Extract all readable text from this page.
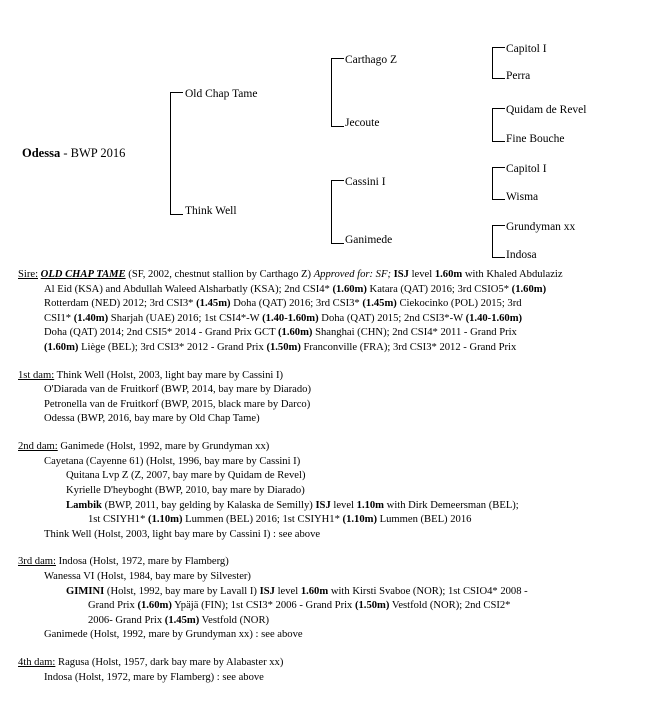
Odessa - BWP 2016
Old Chap Tame
Think Well
Carthago Z
Jecoute
Cassini I
Ganimede
Capitol I
Perra
Quidam de Revel
Fine Bouche
Capitol I
Wisma
Grundyman xx
Indosa

Sire: OLD CHAP TAME (SF, 2002, chestnut stallion by Carthago Z) Approved for: SF; ISJ level 1.60m with Khaled Abdulaziz

Al Eid (KSA) and Abdullah Waleed Alsharbatly (KSA); 2nd CSI4* (1.60m) Katara (QAT) 2016; 3rd CSIO5* (1.60m)

Rotterdam (NED) 2012; 3rd CSI3* (1.45m) Doha (QAT) 2016; 3rd CSI3* (1.45m) Ciekocinko (POL) 2015; 3rd

CSI1* (1.40m) Sharjah (UAE) 2016; 1st CSI4*-W (1.40-1.60m) Doha (QAT) 2015; 2nd CSI3*-W (1.40-1.60m)

Doha (QAT) 2014; 2nd CSI5* 2014 - Grand Prix GCT (1.60m) Shanghai (CHN); 2nd CSI4* 2011 - Grand Prix

(1.60m) Liège (BEL); 3rd CSI3* 2012 - Grand Prix (1.50m) Franconville (FRA); 3rd CSI3* 2012 - Grand Prix

1st dam: Think Well (Holst, 2003, light bay mare by Cassini I)

O'Diarada van de Fruitkorf (BWP, 2014, bay mare by Diarado)

Petronella van de Fruitkorf (BWP, 2015, black mare by Darco)

Odessa (BWP, 2016, bay mare by Old Chap Tame)

2nd dam: Ganimede (Holst, 1992, mare by Grundyman xx)

Cayetana (Cayenne 61) (Holst, 1996, bay mare by Cassini I)

Quitana Lvp Z (Z, 2007, bay mare by Quidam de Revel)

Kyrielle D'heyboght (BWP, 2010, bay mare by Diarado)

Lambik (BWP, 2011, bay gelding by Kalaska de Semilly) ISJ level 1.10m with Dirk Demeersman (BEL);

1st CSIYH1* (1.10m) Lummen (BEL) 2016; 1st CSIYH1* (1.10m) Lummen (BEL) 2016

Think Well (Holst, 2003, light bay mare by Cassini I) : see above

3rd dam: Indosa (Holst, 1972, mare by Flamberg)

Wanessa VI (Holst, 1984, bay mare by Silvester)

GIMINI (Holst, 1992, bay mare by Lavall I) ISJ level 1.60m with Kirsti Svaboe (NOR); 1st CSIO4* 2008 -

Grand Prix (1.60m) Ypäjä (FIN); 1st CSI3* 2006 - Grand Prix (1.50m) Vestfold (NOR); 2nd CSI2*

2006- Grand Prix (1.45m) Vestfold (NOR)

Ganimede (Holst, 1992, mare by Grundyman xx) : see above

4th dam: Ragusa (Holst, 1957, dark bay mare by Alabaster xx)

Indosa (Holst, 1972, mare by Flamberg) : see above
